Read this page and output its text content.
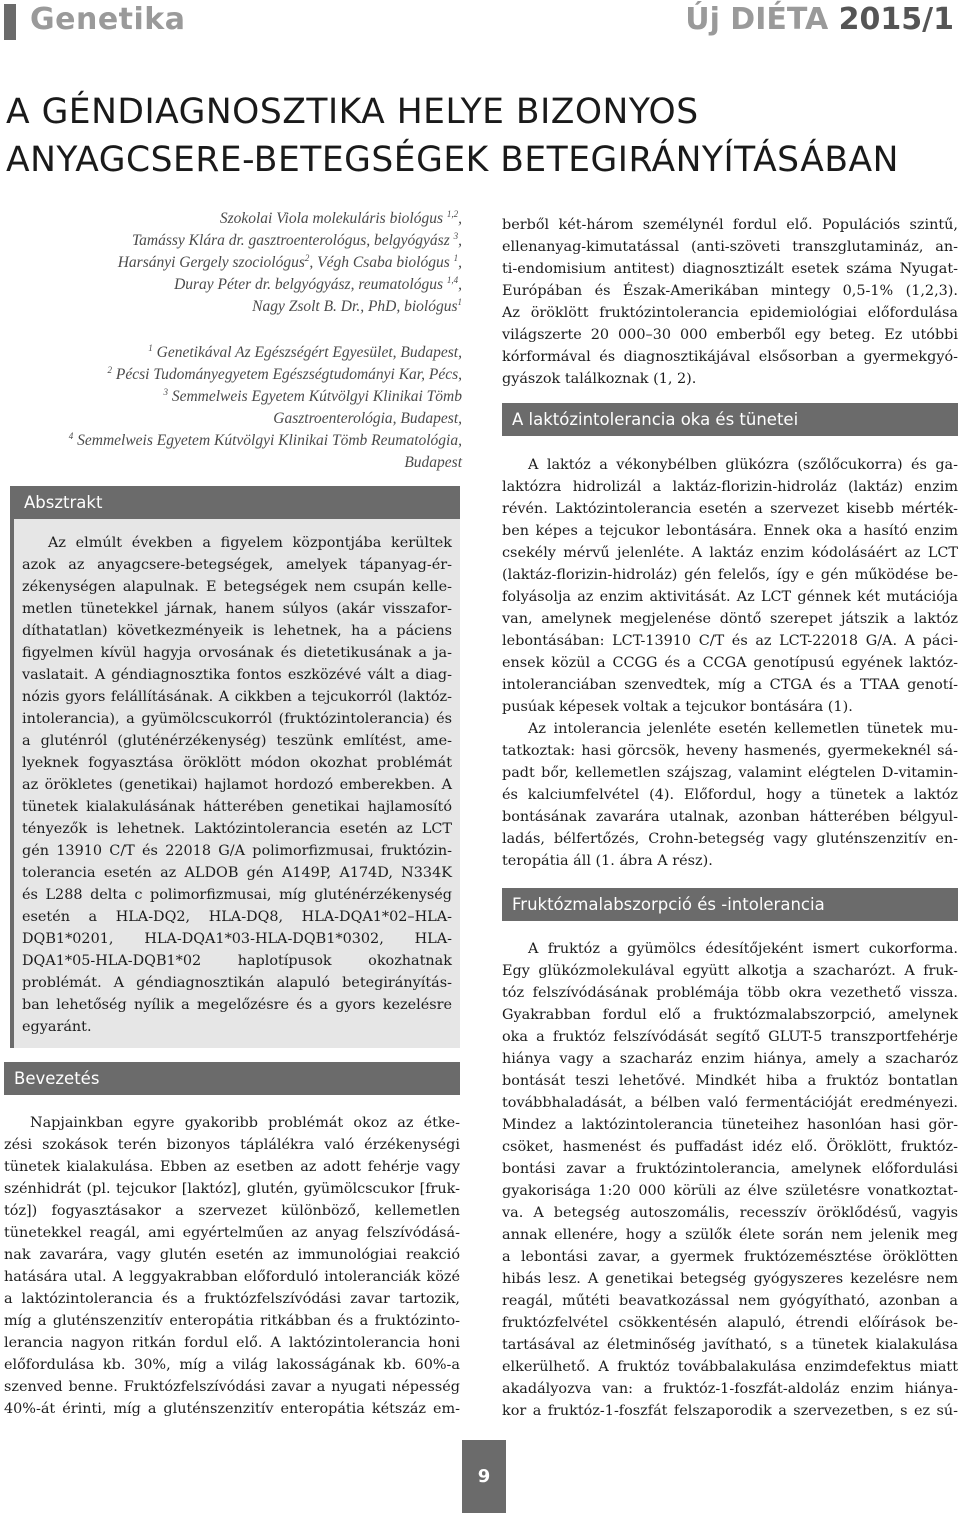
Genetika	Új DIÉTA 2015/1
A GÉNDIAGNOSZTIKA HELYE BIZONYOS
ANYAGCSERE-BETEGSÉGEK BETEGIRÁNYÍTÁSÁBAN
Szokolai Viola molekuláris biológus $^{1,2}$,
Tamássy Klára dr. gasztroenterológus, belgyógyász $^3$,
Harsányi Gergely szociológus$^2$, Végh Csaba biológus $^1$,
Duray Péter dr. belgyógyász, reumatológus $^{1,4}$,
Nagy Zsolt B. Dr., PhD, biológus$^1$
$^1$ Genetikával Az Egészségért Egyesület, Budapest,
$^2$ Pécsi Tudományegyetem Egészségtudományi Kar, Pécs,
$^3$ Semmelweis Egyetem Kútvölgyi Klinikai Tömb
Gasztroenterológia, Budapest,
$^4$ Semmelweis Egyetem Kútvölgyi Klinikai Tömb Reumatológia,
Budapest
Absztrakt
Az elmúlt években a figyelem központjába kerültek
azok az anyagcsere-betegségek, amelyek tápanyag-ér-
zékenységen alapulnak. E betegségek nem csupán kelle-
metlen tünetekkel járnak, hanem súlyos (akár visszafor-
díthatatlan) következményeik is lehetnek, ha a páciens
figyelmen kívül hagyja orvosának és dietetikusának a ja-
vaslatait. A géndiagnosztika fontos eszközévé vált a diag-
nózis gyors felállításának. A cikkben a tejcukorról (laktóz-
intolerancia), a gyümölcscukorról (fruktózintolerancia) és
a gluténról (gluténérzékenység) teszünk említést, ame-
lyeknek fogyasztása öröklött módon okozhat problémát
az örökletes (genetikai) hajlamot hordozó emberekben. A
tünetek kialakulásának hátterében genetikai hajlamosító
tényezők is lehetnek. Laktózintolerancia esetén az LCT
gén 13910 C/T és 22018 G/A polimorfizmusai, fruktózin-
tolerancia esetén az ALDOB gén A149P, A174D, N334K
és L288 delta c polimorfizmusai, míg gluténérzékenység
esetén a HLA-DQ2, HLA-DQ8, HLA-DQA1*02–HLA-
DQB1*0201, HLA-DQA1*03-HLA-DQB1*0302, HLA-
DQA1*05-HLA-DQB1*02 haplotípusok okozhatnak
problémát. A géndiagnosztikán alapuló betegirányítás-
ban lehetőség nyílik a megelőzésre és a gyors kezelésre
egyaránt.
Bevezetés
Napjainkban egyre gyakoribb problémát okoz az étke-
zési szokások terén bizonyos táplálékra való érzékenységi
tünetek kialakulása. Ebben az esetben az adott fehérje vagy
szénhidrát (pl. tejcukor [laktóz], glutén, gyümölcscukor [fruk-
tóz]) fogyasztásakor a szervezet különböző, kellemetlen
tünetekkel reagál, ami egyértelműen az anyag felszívódásá-
nak zavarára, vagy glutén esetén az immunológiai reakció
hatására utal. A leggyakrabban előforduló intoleranciák közé
a laktózintolerancia és a fruktózfelszívódási zavar tartozik,
míg a gluténszenzitív enteropátia ritkábban és a fruktózinto-
lerancia nagyon ritkán fordul elő. A laktózintolerancia honi
előfordulása kb. 30%, míg a világ lakosságának kb. 60%-a
szenved benne. Fruktózfelszívódási zavar a nyugati népesség
40%-át érinti, míg a gluténszenzitív enteropátia kétszáz em-
berből két-három személynél fordul elő. Populációs szintű,
ellenanyag-kimutatással (anti-szöveti transzglutamináz, an-
ti-endomisium antitest) diagnosztizált esetek száma Nyugat-
Európában és Észak-Amerikában mintegy 0,5-1% (1,2,3).
Az öröklött fruktózintolerancia epidemiológiai előfordulása
világszerte 20 000–30 000 emberből egy beteg. Ez utóbbi
kórformával és diagnosztikájával elsősorban a gyermekgyó-
gyászok találkoznak (1, 2).
A laktózintolerancia oka és tünetei
A laktóz a vékonybélben glükózra (szőlőcukorra) és ga-
laktózra hidrolizál a laktáz-florizin-hidroláz (laktáz) enzim
révén. Laktózintolerancia esetén a szervezet kisebb mérték-
ben képes a tejcukor lebontására. Ennek oka a hasító enzim
csekély mérvű jelenléte. A laktáz enzim kódolásáért az LCT
(laktáz-florizin-hidroláz) gén felelős, így e gén működése be-
folyásolja az enzim aktivitását. Az LCT génnek két mutációja
van, amelynek megjelenése döntő szerepet játszik a laktóz
lebontásában: LCT-13910 C/T és az LCT-22018 G/A. A páci-
ensek közül a CCGG és a CCGA genotípusú egyének laktóz-
intoleranciában szenvedtek, míg a CTGA és a TTAA genotí-
pusúak képesek voltak a tejcukor bontására (1).
Az intolerancia jelenléte esetén kellemetlen tünetek mu-
tatkoztak: hasi görcsök, heveny hasmenés, gyermekeknél sá-
padt bőr, kellemetlen szájszag, valamint elégtelen D-vitamin-
és kalciumfelvétel (4). Előfordul, hogy a tünetek a laktóz
bontásának zavarára utalnak, azonban hátterében bélgyul-
ladás, bélfertőzés, Crohn-betegség vagy gluténszenzitív en-
teropátia áll (1. ábra A rész).
Fruktózmalabszorpció és -intolerancia
A fruktóz a gyümölcs édesítőjeként ismert cukorforma.
Egy glükózmolekulával együtt alkotja a szacharózt. A fruk-
tóz felszívódásának problémája több okra vezethető vissza.
Gyakrabban fordul elő a fruktózmalabszorpció, amelynek
oka a fruktóz felszívódását segítő GLUT-5 transzportfehérje
hiánya vagy a szacharáz enzim hiánya, amely a szacharóz
bontását teszi lehetővé. Mindkét hiba a fruktóz bontatlan
továbbhaladását, a bélben való fermentációját eredményezi.
Mindez a laktózintolerancia tüneteihez hasonlóan hasi gör-
csöket, hasmenést és puffadást idéz elő. Öröklött, fruktóz-
bontási zavar a fruktózintolerancia, amelynek előfordulási
gyakorisága 1:20 000 körüli az élve születésre vonatkoztat-
va. A betegség autoszomális, recesszív öröklődésű, vagyis
annak ellenére, hogy a szülők élete során nem jelenik meg
a lebontási zavar, a gyermek fruktózemésztése öröklötten
hibás lesz. A genetikai betegség gyógyszeres kezelésre nem
reagál, műtéti beavatkozással nem gyógyítható, azonban a
fruktózfelvétel csökkentésén alapuló, étrendi előírások be-
tartásával az életminőség javítható, s a tünetek kialakulása
elkerülhető. A fruktóz továbbalakulása enzimdefektus miatt
akadályozva van: a fruktóz-1-foszfát-aldoláz enzim hiánya-
kor a fruktóz-1-foszfát felszaporodik a szervezetben, s ez sú-
9
